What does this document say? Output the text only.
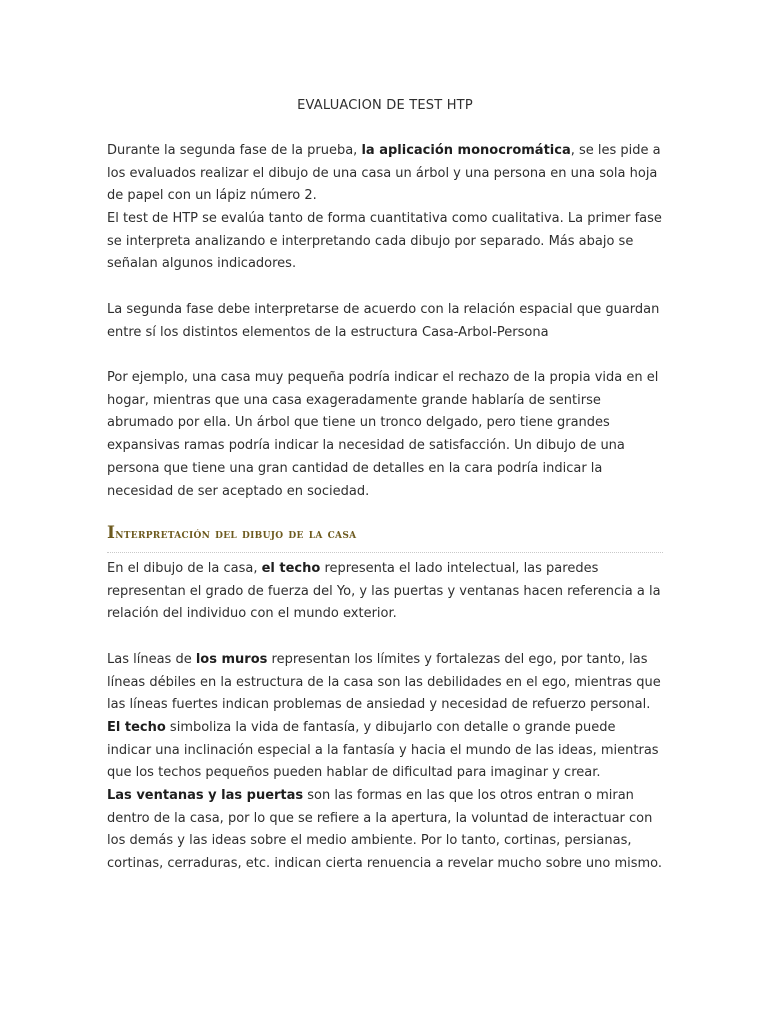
EVALUACION DE TEST HTP

Durante la segunda fase de la prueba, la aplicación monocromática, se les pide a los evaluados realizar el dibujo de una casa un árbol y una persona en una sola hoja de papel con un lápiz número 2.

El test de HTP se evalúa tanto de forma cuantitativa como cualitativa. La primer fase se interpreta analizando e interpretando cada dibujo por separado. Más abajo se señalan algunos indicadores.

La segunda fase debe interpretarse de acuerdo con la relación espacial que guardan entre sí los distintos elementos de la estructura Casa-Arbol-Persona

Por ejemplo, una casa muy pequeña podría indicar el rechazo de la propia vida en el hogar, mientras que una casa exageradamente grande hablaría de sentirse abrumado por ella. Un árbol que tiene un tronco delgado, pero tiene grandes expansivas ramas podría indicar la necesidad de satisfacción. Un dibujo de una persona que tiene una gran cantidad de detalles en la cara podría indicar la necesidad de ser aceptado en sociedad.

Interpretación del dibujo de la casa

En el dibujo de la casa, el techo representa el lado intelectual, las paredes representan el grado de fuerza del Yo, y las puertas y ventanas hacen referencia a la relación del individuo con el mundo exterior.

Las líneas de los muros representan los límites y fortalezas del ego, por tanto, las líneas débiles en la estructura de la casa son las debilidades en el ego, mientras que las líneas fuertes indican problemas de ansiedad y necesidad de refuerzo personal.

El techo simboliza la vida de fantasía, y dibujarlo con detalle o grande puede indicar una inclinación especial a la fantasía y hacia el mundo de las ideas, mientras que los techos pequeños pueden hablar de dificultad para imaginar y crear.

Las ventanas y las puertas son las formas en las que los otros entran o miran dentro de la casa, por lo que se refiere a la apertura, la voluntad de interactuar con los demás y las ideas sobre el medio ambiente. Por lo tanto, cortinas, persianas, cortinas, cerraduras, etc. indican cierta renuencia a revelar mucho sobre uno mismo.
